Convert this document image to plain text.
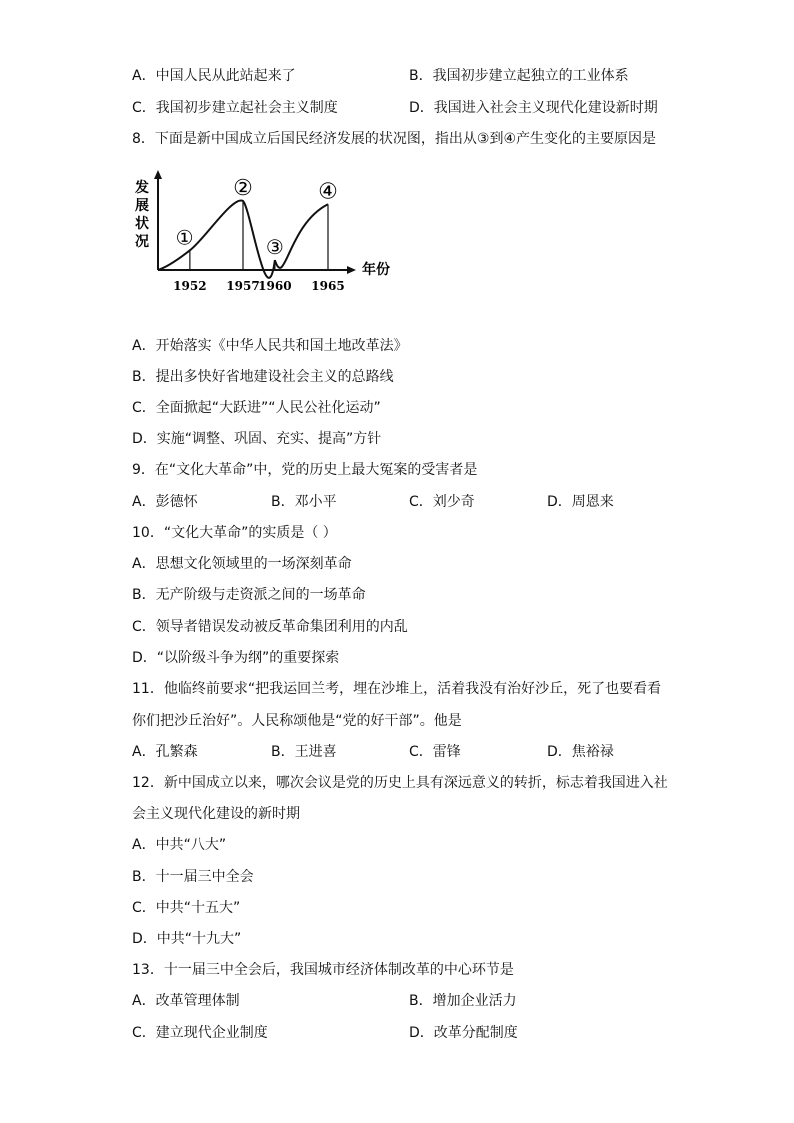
A．中国人民从此站起来了	B．我国初步建立起独立的工业体系
C．我国初步建立起社会主义制度	D．我国进入社会主义现代化建设新时期
8．下面是新中国成立后国民经济发展的状况图，指出从③到④产生变化的主要原因是
发
展
状
况
年份
1952 1957
1960 1965
①
②
③
④
A．开始落实《中华人民共和国土地改革法》
B．提出多快好省地建设社会主义的总路线
C．全面掀起“大跃进”“人民公社化运动”
D．实施“调整、巩固、充实、提高”方针
9．在“文化大革命”中，党的历史上最大冤案的受害者是
A．彭德怀	B．邓小平	C．刘少奇	D．周恩来
10．“文化大革命”的实质是（ ）
A．思想文化领域里的一场深刻革命
B．无产阶级与走资派之间的一场革命
C．领导者错误发动被反革命集团利用的内乱
D．“以阶级斗争为纲”的重要探索
11．他临终前要求“把我运回兰考，埋在沙堆上，活着我没有治好沙丘，死了也要看看
你们把沙丘治好”。人民称颂他是“党的好干部”。他是
A．孔繁森	B．王进喜	C．雷锋	D．焦裕禄
12．新中国成立以来，哪次会议是党的历史上具有深远意义的转折，标志着我国进入社
会主义现代化建设的新时期
A．中共“八大”
B．十一届三中全会
C．中共“十五大”
D．中共“十九大”
13．十一届三中全会后，我国城市经济体制改革的中心环节是
A．改革管理体制	B．增加企业活力
C．建立现代企业制度	D．改革分配制度
